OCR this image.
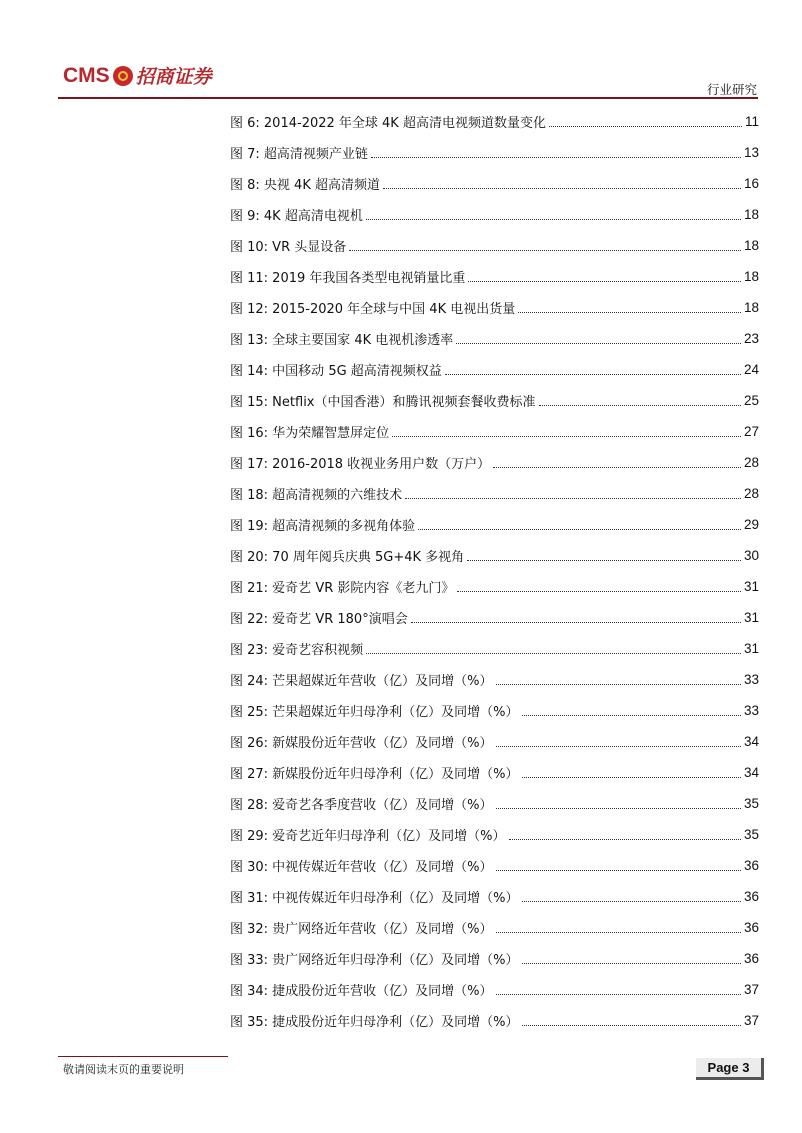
CMS 招商证券
行业研究
图 6: 2014-2022 年全球 4K 超高清电视频道数量变化	11
图 7: 超高清视频产业链	13
图 8: 央视 4K 超高清频道	16
图 9: 4K 超高清电视机	18
图 10: VR 头显设备	18
图 11: 2019 年我国各类型电视销量比重	18
图 12: 2015-2020 年全球与中国 4K 电视出货量	18
图 13: 全球主要国家 4K 电视机渗透率	23
图 14: 中国移动 5G 超高清视频权益	24
图 15: Netflix（中国香港）和腾讯视频套餐收费标准	25
图 16: 华为荣耀智慧屏定位	27
图 17: 2016-2018 收视业务用户数（万户）	28
图 18: 超高清视频的六维技术	28
图 19: 超高清视频的多视角体验	29
图 20: 70 周年阅兵庆典 5G+4K 多视角	30
图 21: 爱奇艺 VR 影院内容《老九门》	31
图 22: 爱奇艺 VR 180°演唱会	31
图 23: 爱奇艺容积视频	31
图 24: 芒果超媒近年营收（亿）及同增（%）	33
图 25: 芒果超媒近年归母净利（亿）及同增（%）	33
图 26: 新媒股份近年营收（亿）及同增（%）	34
图 27: 新媒股份近年归母净利（亿）及同增（%）	34
图 28: 爱奇艺各季度营收（亿）及同增（%）	35
图 29: 爱奇艺近年归母净利（亿）及同增（%）	35
图 30: 中视传媒近年营收（亿）及同增（%）	36
图 31: 中视传媒近年归母净利（亿）及同增（%）	36
图 32: 贵广网络近年营收（亿）及同增（%）	36
图 33: 贵广网络近年归母净利（亿）及同增（%）	36
图 34: 捷成股份近年营收（亿）及同增（%）	37
图 35: 捷成股份近年归母净利（亿）及同增（%）	37
敬请阅读末页的重要说明	Page 3
